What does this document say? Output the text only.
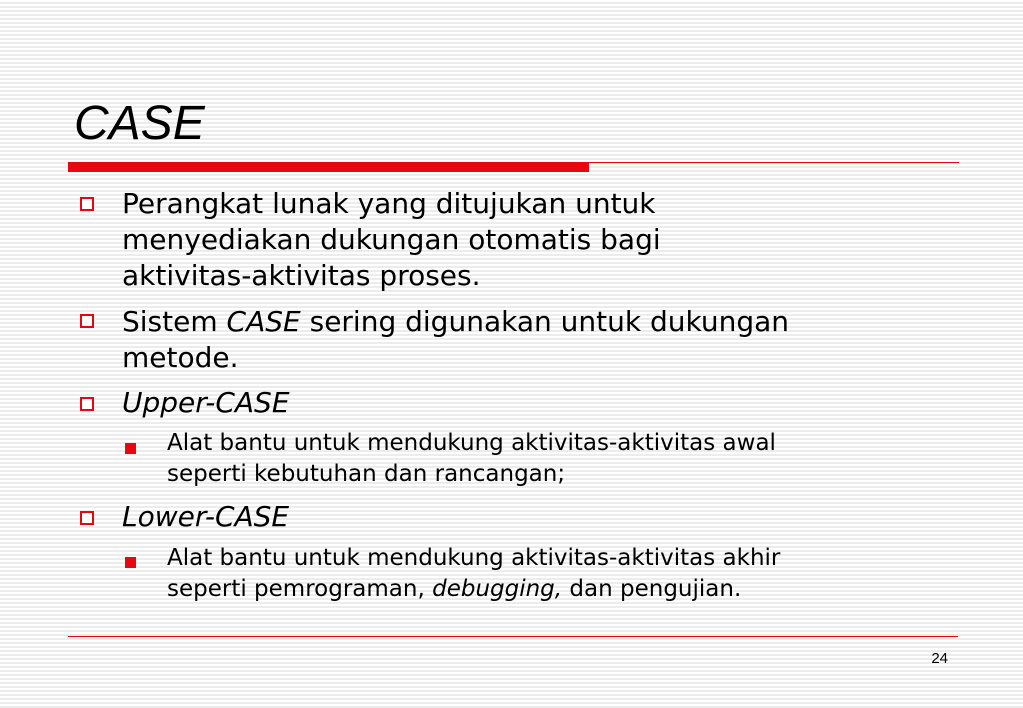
CASE
Perangkat lunak yang ditujukan untuk
menyediakan dukungan otomatis bagi
aktivitas-aktivitas proses.
Sistem CASE sering digunakan untuk dukungan
metode.
Upper-CASE
Alat bantu untuk mendukung aktivitas-aktivitas awal
seperti kebutuhan dan rancangan;
Lower-CASE
Alat bantu untuk mendukung aktivitas-aktivitas akhir
seperti pemrograman, debugging, dan pengujian.
24
